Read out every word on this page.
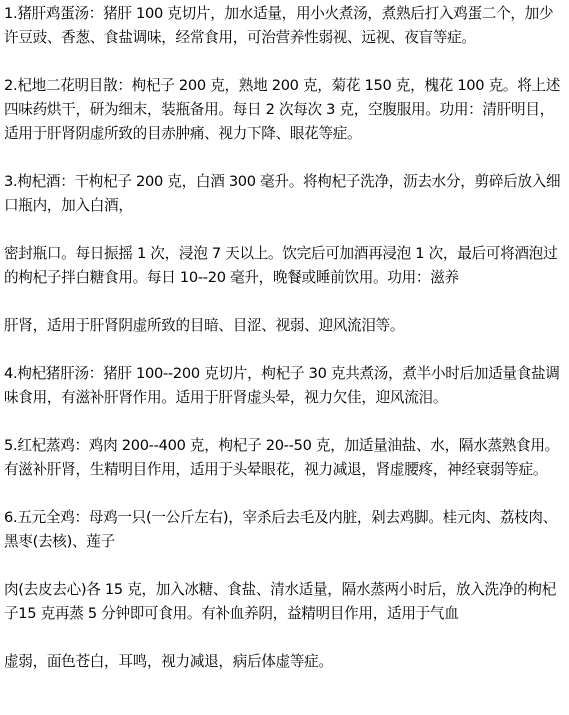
1.猪肝鸡蛋汤：猪肝 100 克切片，加水适量，用小火煮汤，煮熟后打入鸡蛋二个，加少许豆豉、香葱、食盐调味，经常食用，可治营养性弱视、远视、夜盲等症。

2.杞地二花明目散：枸杞子 200 克，熟地 200 克，菊花 150 克，槐花 100 克。将上述四味药烘干，研为细末，装瓶备用。每日 2 次每次 3 克，空腹服用。功用：清肝明目，适用于肝肾阴虚所致的目赤肿痛、视力下降、眼花等症。

3.枸杞酒：干枸杞子 200 克，白酒 300 毫升。将枸杞子洗净，沥去水分，剪碎后放入细口瓶内，加入白酒，

密封瓶口。每日振摇 1 次，浸泡 7 天以上。饮完后可加酒再浸泡 1 次，最后可将酒泡过的枸杞子拌白糖食用。每日 10--20 毫升，晚餐或睡前饮用。功用：滋养

肝肾，适用于肝肾阴虚所致的目暗、目涩、视弱、迎风流泪等。

4.枸杞猪肝汤：猪肝 100--200 克切片，枸杞子 30 克共煮汤，煮半小时后加适量食盐调味食用，有滋补肝肾作用。适用于肝肾虚头晕，视力欠佳，迎风流泪。

5.红杞蒸鸡：鸡肉 200--400 克，枸杞子 20--50 克，加适量油盐、水，隔水蒸熟食用。有滋补肝肾，生精明目作用，适用于头晕眼花，视力减退，肾虚腰疼，神经衰弱等症。

6.五元全鸡：母鸡一只(一公斤左右)，宰杀后去毛及内脏，剁去鸡脚。桂元肉、荔枝肉、黑枣(去核)、莲子

肉(去皮去心)各 15 克，加入冰糖、食盐、清水适量，隔水蒸两小时后，放入洗净的枸杞子15 克再蒸 5 分钟即可食用。有补血养阴，益精明目作用，适用于气血

虚弱，面色苍白，耳鸣，视力减退，病后体虚等症。
